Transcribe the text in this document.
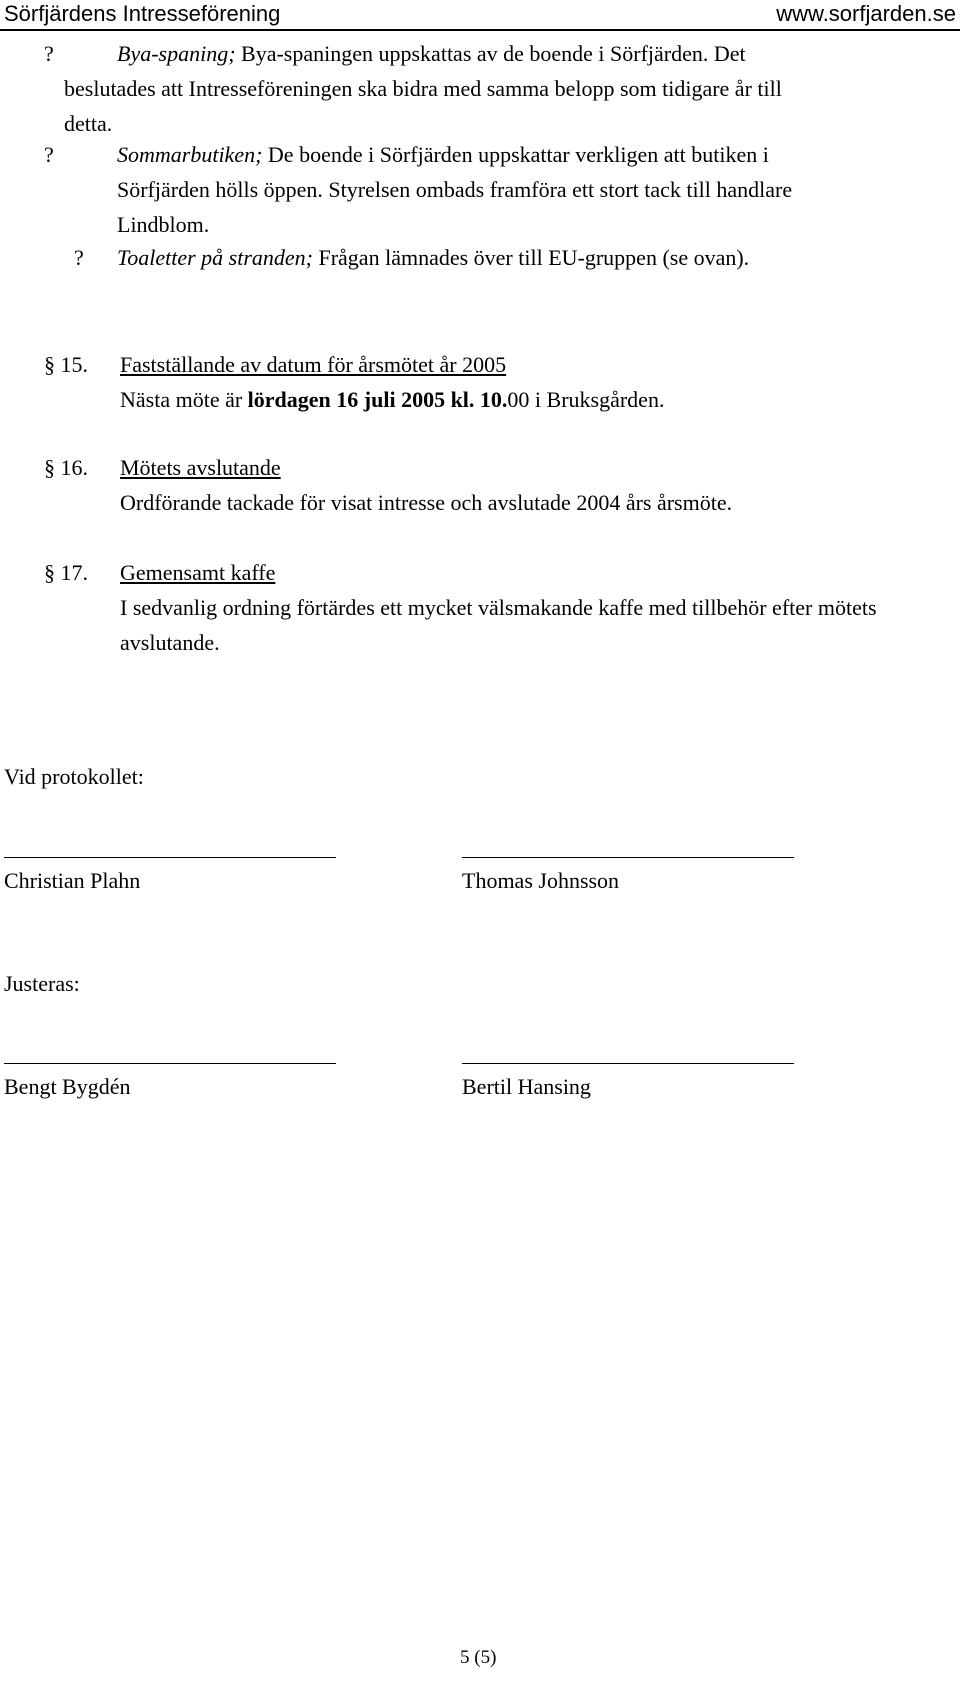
Sörfjärdens Intresseförening	www.sorfjarden.se
?	Bya-spaning; Bya-spaningen uppskattas av de boende i Sörfjärden. Det
beslutades att Intresseföreningen ska bidra med samma belopp som tidigare år till
detta.
?	Sommarbutiken; De boende i Sörfjärden uppskattar verkligen att butiken i
Sörfjärden hölls öppen. Styrelsen ombads framföra ett stort tack till handlare
Lindblom.
? Toaletter på stranden; Frågan lämnades över till EU-gruppen (se ovan).
§ 15. Fastställande av datum för årsmötet år 2005
Nästa möte är lördagen 16 juli 2005 kl. 10.00 i Bruksgården.
§ 16. Mötets avslutande
Ordförande tackade för visat intresse och avslutade 2004 års årsmöte.
§ 17. Gemensamt kaffe
I sedvanlig ordning förtärdes ett mycket välsmakande kaffe med tillbehör efter mötets
avslutande.
Vid protokollet:
Christian Plahn	Thomas Johnsson
Justeras:
Bengt Bygdén	Bertil Hansing
5 (5)
